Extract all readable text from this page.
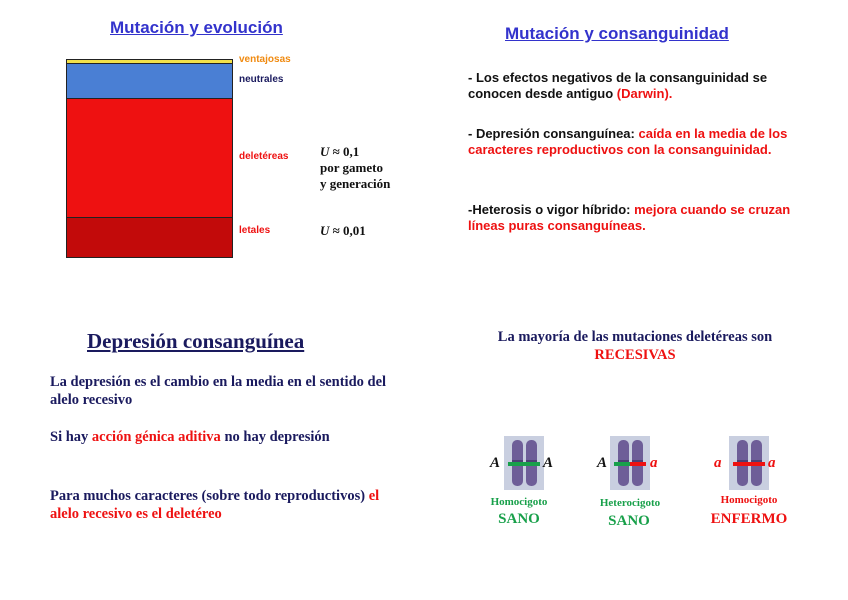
Mutación y evolución
ventajosas
neutrales
deletéreas
letales
U ≈ 0,1
por gameto
y generación
U ≈ 0,01
Mutación y consanguinidad
- Los efectos negativos de la consanguinidad se conocen desde antiguo (Darwin).
- Depresión consanguínea: caída en la media de los caracteres reproductivos con la consanguinidad.
-Heterosis o vigor híbrido: mejora cuando se cruzan líneas puras consanguíneas.
Depresión consanguínea
La depresión es el cambio en la media en el sentido del alelo recesivo
Si hay acción génica aditiva no hay depresión
Para muchos caracteres (sobre todo reproductivos) el alelo recesivo es el deletéreo
La mayoría de las mutaciones deletéreas son
RECESIVAS
A	A
Homocigoto
SANO
A	a
Heterocigoto
SANO
a	a
Homocigoto
ENFERMO
